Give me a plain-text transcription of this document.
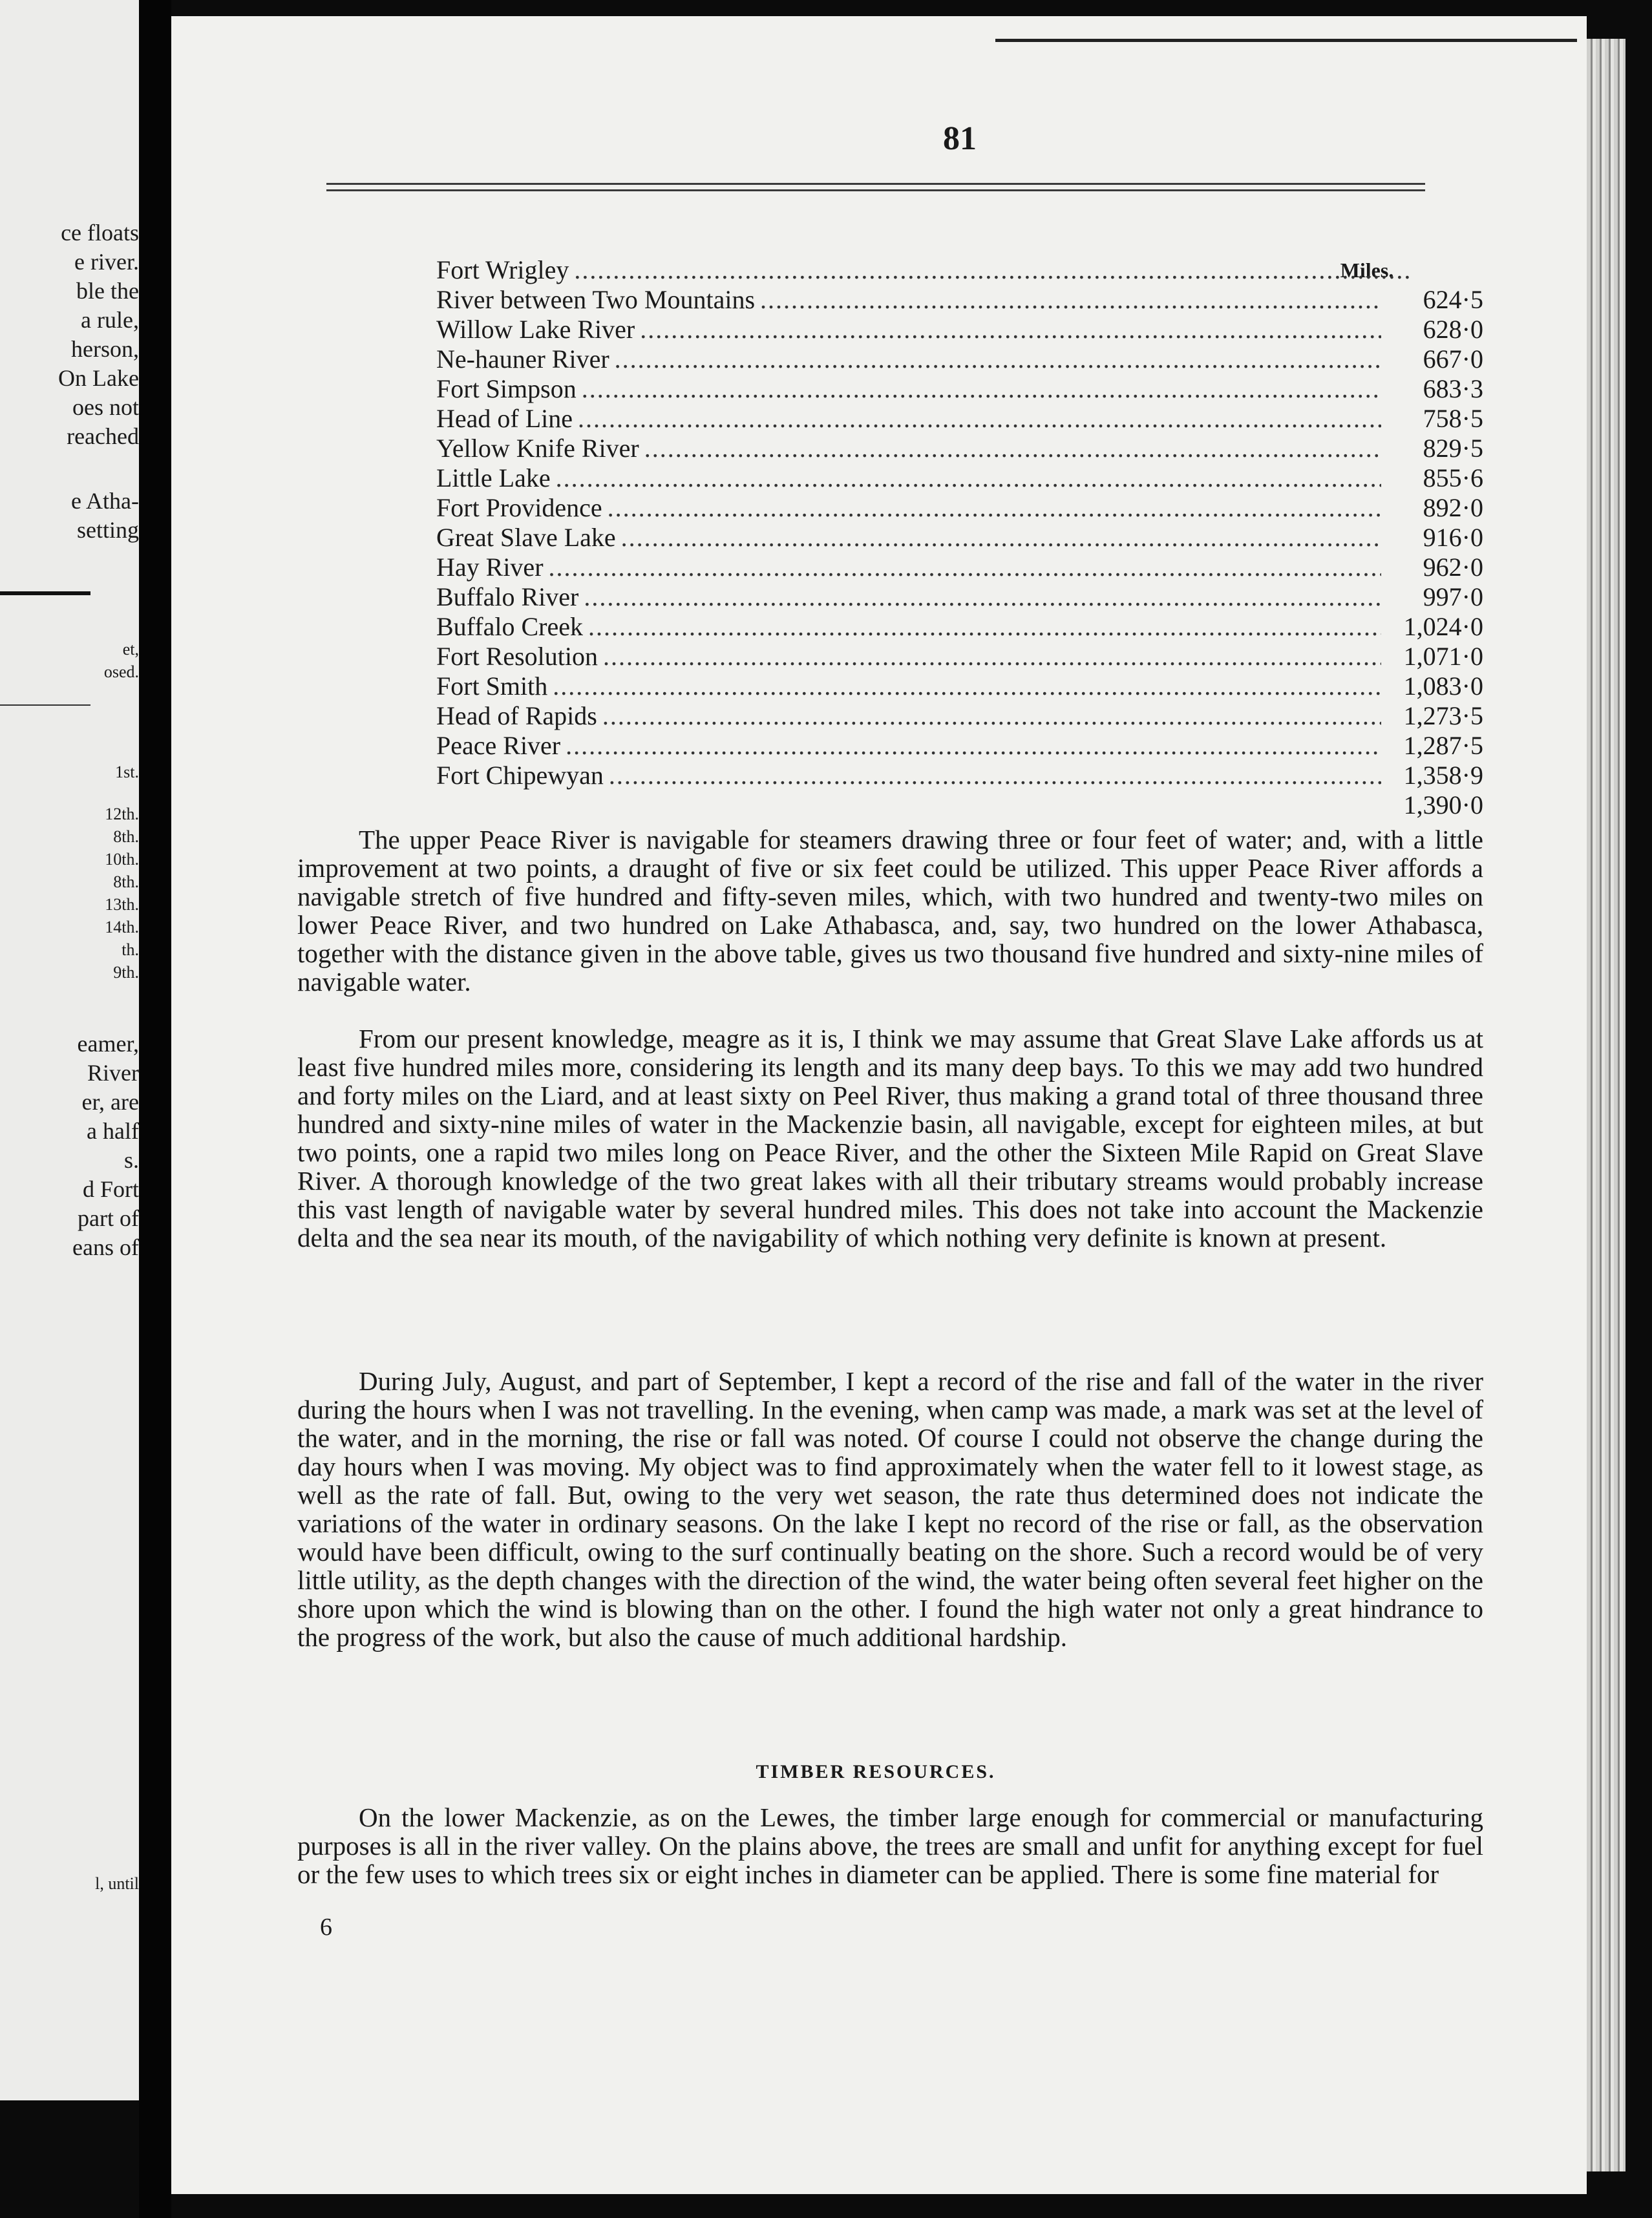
ce floats
e river.
ble the
a rule,
herson,
On Lake
oes not
reached
e Atha-
setting
et,
osed.
1st.
12th.
8th.
10th.
8th.
13th.
14th.
th.
9th.
eamer,
River
er, are
a half
s.
d Fort
part of
eans of
l, until
81
Miles.
Fort Wrigley
.....
River between Two Mountains .....	624·5
Willow Lake River .....	628·0
Ne-hauner River .....	667·0
Fort Simpson .....	683·3
Head of Line .....	758·5
Yellow Knife River .....	829·5
Little Lake .....	855·6
Fort Providence .....	892·0
Great Slave Lake .....	916·0
Hay River .....	962·0
Buffalo River .....	997·0
Buffalo Creek .....	1,024·0
Fort Resolution .....	1,071·0
Fort Smith .....	1,083·0
Head of Rapids .....	1,273·5
Peace River .....	1,287·5
Fort Chipewyan .....	1,358·9
1,390·0

The upper Peace River is navigable for steamers drawing three or four feet of water; and, with a little improvement at two points, a draught of five or six feet could be utilized. This upper Peace River affords a navigable stretch of five hundred and fifty-seven miles, which, with two hundred and twenty-two miles on lower Peace River, and two hundred on Lake Athabasca, and, say, two hundred on the lower Athabasca, together with the distance given in the above table, gives us two thousand five hundred and sixty-nine miles of navigable water.

From our present knowledge, meagre as it is, I think we may assume that Great Slave Lake affords us at least five hundred miles more, considering its length and its many deep bays. To this we may add two hundred and forty miles on the Liard, and at least sixty on Peel River, thus making a grand total of three thousand three hundred and sixty-nine miles of water in the Mackenzie basin, all navigable, except for eighteen miles, at but two points, one a rapid two miles long on Peace River, and the other the Sixteen Mile Rapid on Great Slave River. A thorough knowledge of the two great lakes with all their tributary streams would probably increase this vast length of navigable water by several hundred miles. This does not take into account the Mackenzie delta and the sea near its mouth, of the navigability of which nothing very definite is known at present.

During July, August, and part of September, I kept a record of the rise and fall of the water in the river during the hours when I was not travelling. In the evening, when camp was made, a mark was set at the level of the water, and in the morning, the rise or fall was noted. Of course I could not observe the change during the day hours when I was moving. My object was to find approximately when the water fell to it lowest stage, as well as the rate of fall. But, owing to the very wet season, the rate thus determined does not indicate the variations of the water in ordinary seasons. On the lake I kept no record of the rise or fall, as the observation would have been difficult, owing to the surf continually beating on the shore. Such a record would be of very little utility, as the depth changes with the direction of the wind, the water being often several feet higher on the shore upon which the wind is blowing than on the other. I found the high water not only a great hindrance to the progress of the work, but also the cause of much additional hardship.

TIMBER RESOURCES.

On the lower Mackenzie, as on the Lewes, the timber large enough for commercial or manufacturing purposes is all in the river valley. On the plains above, the trees are small and unfit for anything except for fuel or the few uses to which trees six or eight inches in diameter can be applied. There is some fine material for

6
